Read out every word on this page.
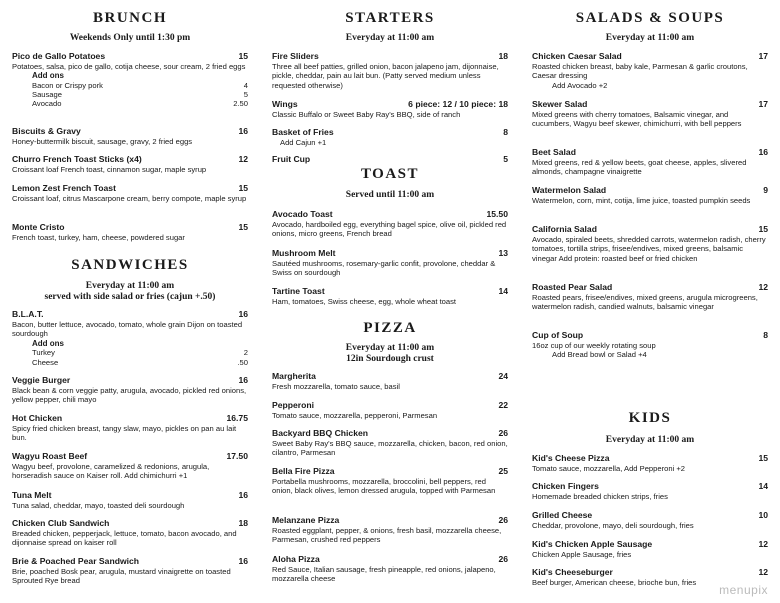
BRUNCH
Weekends Only until 1:30 pm
Pico de Gallo Potatoes	15
Potatoes, salsa, pico de gallo, cotija cheese, sour cream, 2 fried eggs
Add ons
Bacon or Crispy pork	4
Sausage	5
Avocado	2.50
Biscuits & Gravy	16
Honey-buttermilk biscuit, sausage, gravy, 2 fried eggs
Churro French Toast Sticks (x4)	12
Croissant loaf French toast, cinnamon sugar, maple syrup
Lemon Zest French Toast	15
Croissant loaf, citrus Mascarpone cream, berry compote, maple syrup
Monte Cristo	15
French toast, turkey, ham, cheese, powdered sugar
SANDWICHES
Everyday at 11:00 am
served with side salad or fries (cajun +.50)
B.L.A.T.	16
Bacon, butter lettuce, avocado, tomato, whole grain Dijon on toasted sourdough
Add ons
Turkey	2
Cheese	.50
Veggie Burger	16
Black bean & corn veggie patty, arugula, avocado, pickled red onions, yellow pepper, chili mayo
Hot Chicken	16.75
Spicy fried chicken breast, tangy slaw, mayo, pickles on pan au lait bun.
Wagyu Roast Beef	17.50
Wagyu beef, provolone, caramelized & redonions, arugula, horseradish sauce on Kaiser roll. Add chimichurri +1
Tuna Melt	16
Tuna salad, cheddar, mayo, toasted deli sourdough
Chicken Club Sandwich	18
Breaded chicken, pepperjack, lettuce, tomato, bacon avocado, and dijonnaise spread on kaiser roll
Brie & Poached Pear Sandwich	16
Brie, poached Bosk pear, arugula, mustard vinaigrette on toasted Sprouted Rye bread
STARTERS
Everyday at 11:00 am
Fire Sliders	18
Three all beef patties, grilled onion, bacon jalapeno jam, dijonnaise, pickle, cheddar, pain au lait bun. (Patty served medium unless requested otherwise)
Wings	6 piece: 12 / 10 piece: 18
Classic Buffalo or Sweet Baby Ray's BBQ, side of ranch
Basket of Fries	8
Add Cajun +1
Fruit Cup	5
TOAST
Served until 11:00 am
Avocado Toast	15.50
Avocado, hardboiled egg, everything bagel spice, olive oil, pickled red onions, micro greens, French bread
Mushroom Melt	13
Sautéed mushrooms, rosemary-garlic confit, provolone, cheddar & Swiss on sourdough
Tartine Toast	14
Ham, tomatoes, Swiss cheese, egg, whole wheat toast
PIZZA
Everyday at 11:00 am
12in Sourdough crust
Margherita	24
Fresh mozzarella, tomato sauce, basil
Pepperoni	22
Tomato sauce, mozzarella, pepperoni, Parmesan
Backyard BBQ Chicken	26
Sweet Baby Ray's BBQ sauce, mozzarella, chicken, bacon, red onion, cilantro, Parmesan
Bella Fire Pizza	25
Portabella mushrooms, mozzarella, broccolini, bell peppers, red onion, black olives, lemon dressed arugula, topped with Parmesan
Melanzane Pizza	26
Roasted eggplant, pepper, & onions, fresh basil, mozzarella cheese, Parmesan, crushed red peppers
Aloha Pizza	26
Red Sauce, Italian sausage, fresh pineapple, red onions, jalapeno, mozzarella cheese
SALADS & SOUPS
Everyday at 11:00 am
Chicken Caesar Salad	17
Roasted chicken breast, baby kale, Parmesan & garlic croutons, Caesar dressing
Add Avocado +2
Skewer Salad	17
Mixed greens with cherry tomatoes, Balsamic vinegar, and cucumbers, Wagyu beef skewer, chimichurri, with bell peppers
Beet Salad	16
Mixed greens, red & yellow beets, goat cheese, apples, slivered almonds, champagne vinaigrette
Watermelon Salad	9
Watermelon, corn, mint, cotija, lime juice, toasted pumpkin seeds
California Salad	15
Avocado, spiraled beets, shredded carrots, watermelon radish, cherry tomatoes, tortilla strips, frisee/endives, mixed greens, balsamic vinegar Add protein: roasted beef or fried chicken
Roasted Pear Salad	12
Roasted pears, frisee/endives, mixed greens, arugula microgreens, watermelon radish, candied walnuts, balsamic vinegar
Cup of Soup	8
16oz cup of our weekly rotating soup
Add Bread bowl or Salad +4
KIDS
Everyday at 11:00 am
Kid's Cheese Pizza	15
Tomato sauce, mozzarella, Add Pepperoni +2
Chicken Fingers	14
Homemade breaded chicken strips, fries
Grilled Cheese	10
Cheddar, provolone, mayo, deli sourdough, fries
Kid's Chicken Apple Sausage	12
Chicken Apple Sausage, fries
Kid's Cheeseburger	12
Beef burger, American cheese, brioche bun, fries
menupix
